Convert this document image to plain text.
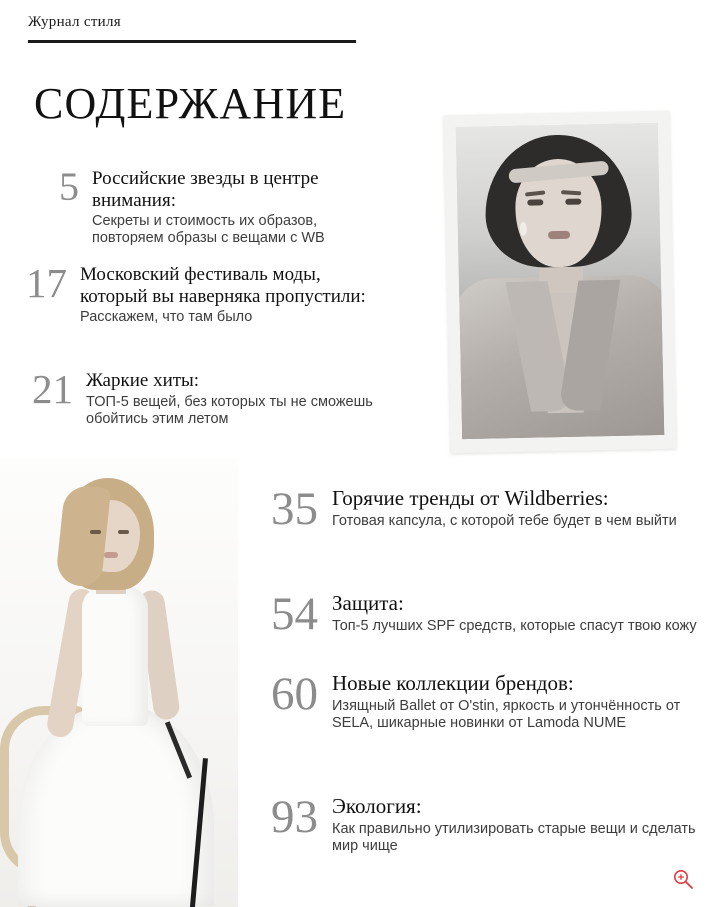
Журнал стиля
СОДЕРЖАНИЕ
5 Российские звезды в центре внимания:
Секреты и стоимость их образов, повторяем образы с вещами с WB
17 Московский фестиваль моды, который вы наверняка пропустили:
Расскажем, что там было
21 Жаркие хиты:
ТОП-5 вещей, без которых ты не сможешь обойтись этим летом
35 Горячие тренды от Wildberries:
Готовая капсула, с которой тебе будет в чем выйти
54 Защита:
Топ-5 лучших SPF средств, которые спасут твою кожу
60 Новые коллекции брендов:
Изящный Ballet от O'stin, яркость и утончённость от SELA, шикарные новинки от Lamoda NUME
93 Экология:
Как правильно утилизировать старые вещи и сделать мир чище
